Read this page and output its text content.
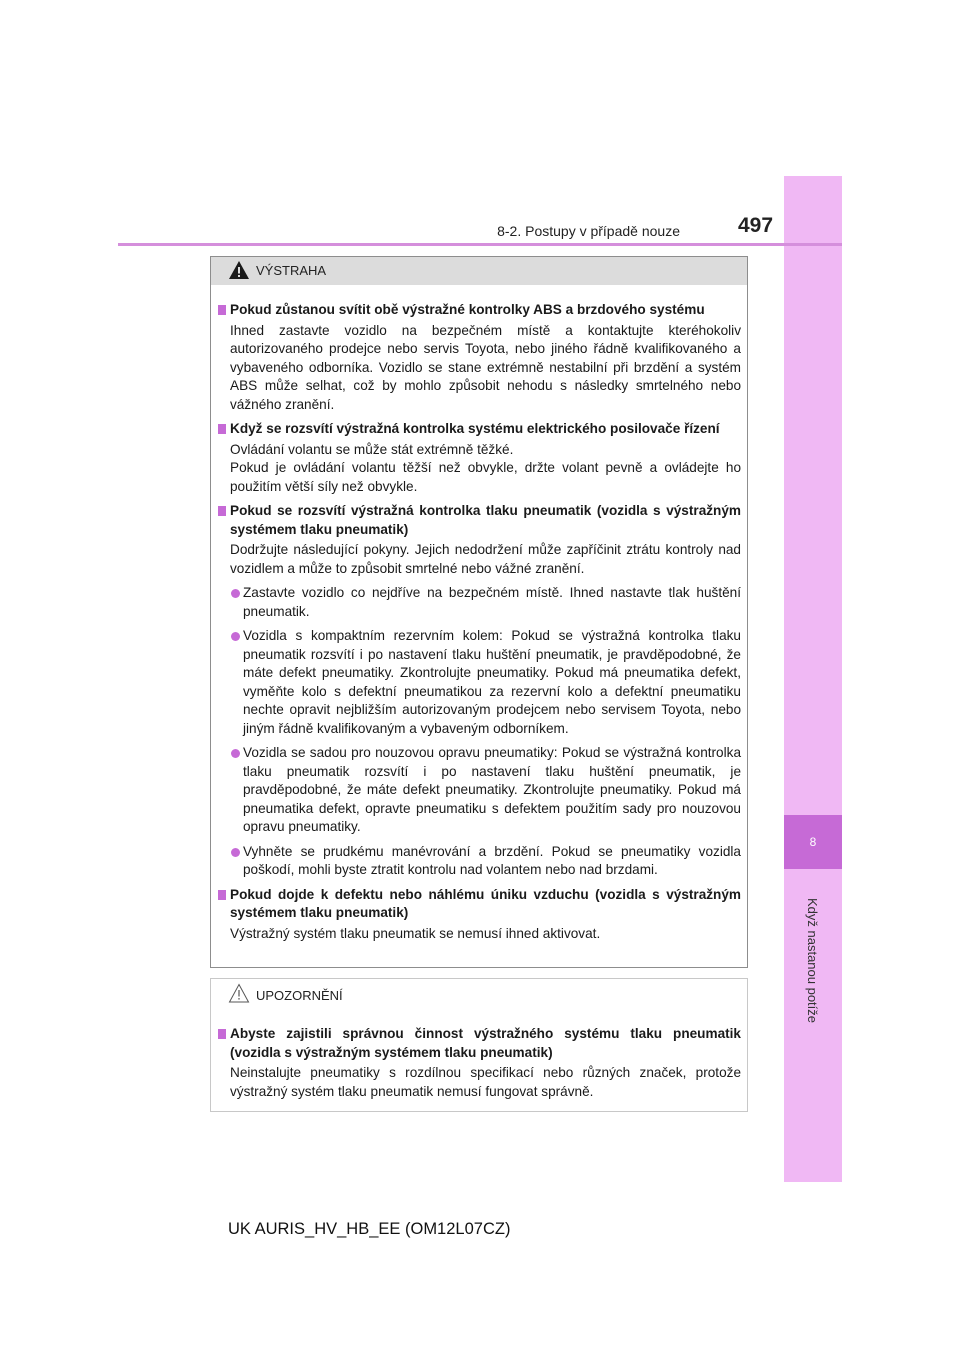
8
Když nastanou potíže
8-2. Postupy v případě nouze	497
VÝSTRAHA
Pokud zůstanou svítit obě výstražné kontrolky ABS a brzdového systému
Ihned zastavte vozidlo na bezpečném místě a kontaktujte kteréhokoliv autorizovaného prodejce nebo servis Toyota, nebo jiného řádně kvalifikovaného a vybaveného odborníka. Vozidlo se stane extrémně nestabilní při brzdění a systém ABS může selhat, což by mohlo způsobit nehodu s následky smrtelného nebo vážného zranění.
Když se rozsvítí výstražná kontrolka systému elektrického posilovače řízení
Ovládání volantu se může stát extrémně těžké.
Pokud je ovládání volantu těžší než obvykle, držte volant pevně a ovládejte ho použitím větší síly než obvykle.
Pokud se rozsvítí výstražná kontrolka tlaku pneumatik (vozidla s výstražným systémem tlaku pneumatik)
Dodržujte následující pokyny. Jejich nedodržení může zapříčinit ztrátu kontroly nad vozidlem a může to způsobit smrtelné nebo vážné zranění.
Zastavte vozidlo co nejdříve na bezpečném místě. Ihned nastavte tlak huštění pneumatik.
Vozidla s kompaktním rezervním kolem: Pokud se výstražná kontrolka tlaku pneumatik rozsvítí i po nastavení tlaku huštění pneumatik, je pravděpodobné, že máte defekt pneumatiky. Zkontrolujte pneumatiky. Pokud má pneumatika defekt, vyměňte kolo s defektní pneumatikou za rezervní kolo a defektní pneumatiku nechte opravit nejbližším autorizovaným prodejcem nebo servisem Toyota, nebo jiným řádně kvalifikovaným a vybaveným odborníkem.
Vozidla se sadou pro nouzovou opravu pneumatiky: Pokud se výstražná kontrolka tlaku pneumatik rozsvítí i po nastavení tlaku huštění pneumatik, je pravděpodobné, že máte defekt pneumatiky. Zkontrolujte pneumatiky. Pokud má pneumatika defekt, opravte pneumatiku s defektem použitím sady pro nouzovou opravu pneumatiky.
Vyhněte se prudkému manévrování a brzdění. Pokud se pneumatiky vozidla poškodí, mohli byste ztratit kontrolu nad volantem nebo nad brzdami.
Pokud dojde k defektu nebo náhlému úniku vzduchu (vozidla s výstražným systémem tlaku pneumatik)
Výstražný systém tlaku pneumatik se nemusí ihned aktivovat.
UPOZORNĚNÍ
Abyste zajistili správnou činnost výstražného systému tlaku pneumatik (vozidla s výstražným systémem tlaku pneumatik)
Neinstalujte pneumatiky s rozdílnou specifikací nebo různých značek, protože výstražný systém tlaku pneumatik nemusí fungovat správně.
UK AURIS_HV_HB_EE (OM12L07CZ)
